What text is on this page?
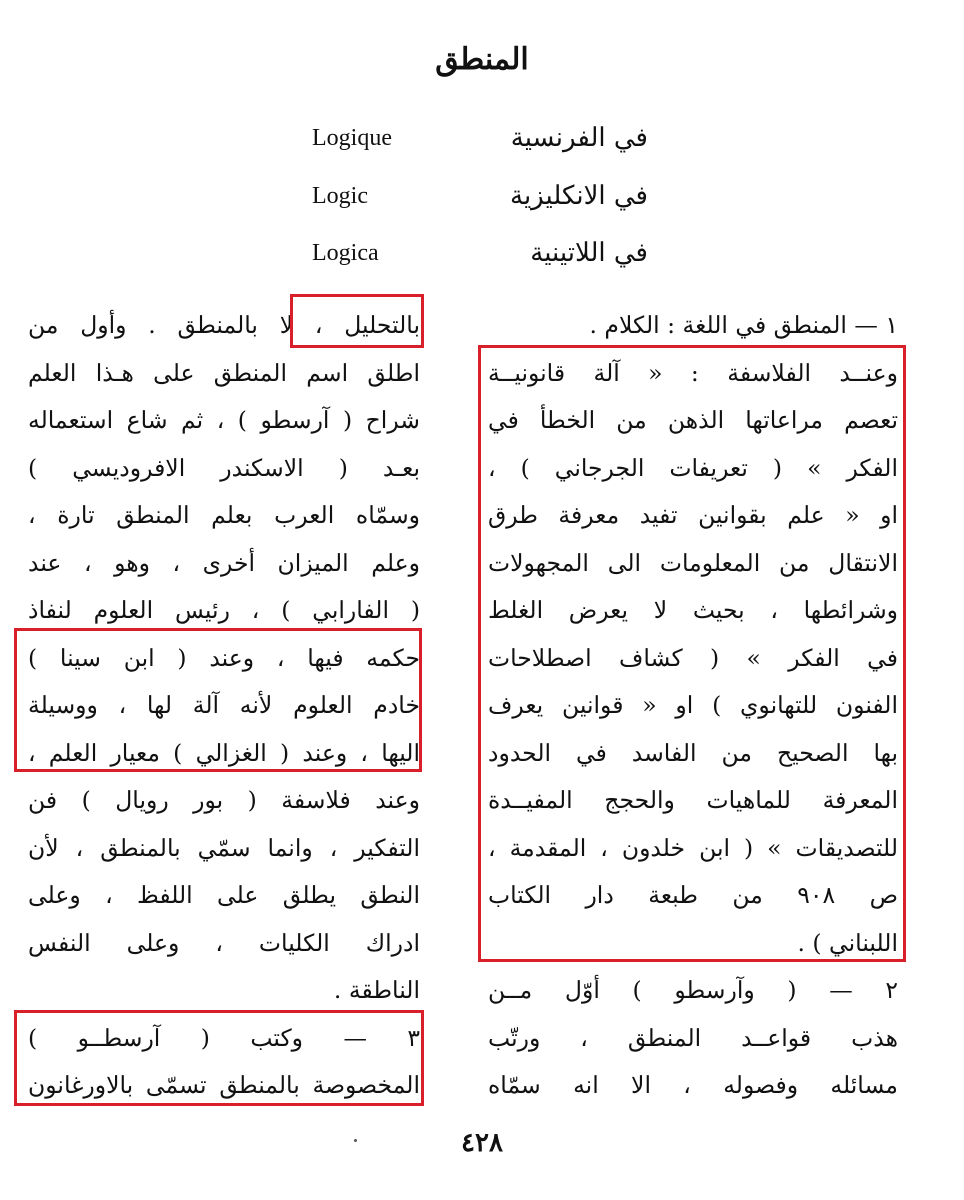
المنطق
في الفرنسية
Logique
في الانكليزية
Logic
في اللاتينية
Logica
١ — المنطق في اللغة : الكلام .
وعنــد الفلاسفة : « آلة قانونيــة
تعصم مراعاتها الذهن من الخطأ في
الفكر » ( تعريفات الجرجاني ) ،
او « علم بقوانين تفيد معرفة طرق
الانتقال من المعلومات الى المجهولات
وشرائطها ، بحيث لا يعرض الغلط
في الفكر » ( كشاف اصطلاحات
الفنون للتهانوي ) او « قوانين يعرف
بها الصحيح من الفاسد في الحدود
المعرفة للماهيات والحجج المفيــدة
للتصديقات » ( ابن خلدون ، المقدمة ،
ص ٩٠٨ من طبعة دار الكتاب
اللبناني ) .
٢ — ( وآرسطو ) أوّل مــن
هذب قواعــد المنطق ، ورتّب
مسائله وفصوله ، الا انه سمّاه
بالتحليل ، لا بالمنطق . وأول من
اطلق اسم المنطق على هـذا العلم
شراح ( آرسطو ) ، ثم شاع استعماله
بعـد ( الاسكندر الافروديسي )
وسمّاه العرب بعلم المنطق تارة ،
وعلم الميزان أخرى ، وهو ، عند
( الفارابي ) ، رئيس العلوم لنفاذ
حكمه فيها ، وعند ( ابن سينا )
خادم العلوم لأنه آلة لها ، ووسيلة
اليها ، وعند ( الغزالي ) معيار العلم ،
وعند فلاسفة ( بور رويال ) فن
التفكير ، وانما سمّي بالمنطق ، لأن
النطق يطلق على اللفظ ، وعلى
ادراك الكليات ، وعلى النفس
الناطقة .
٣ — وكتب ( آرسطــو )
المخصوصة بالمنطق تسمّى بالاورغانون
٤٢٨
